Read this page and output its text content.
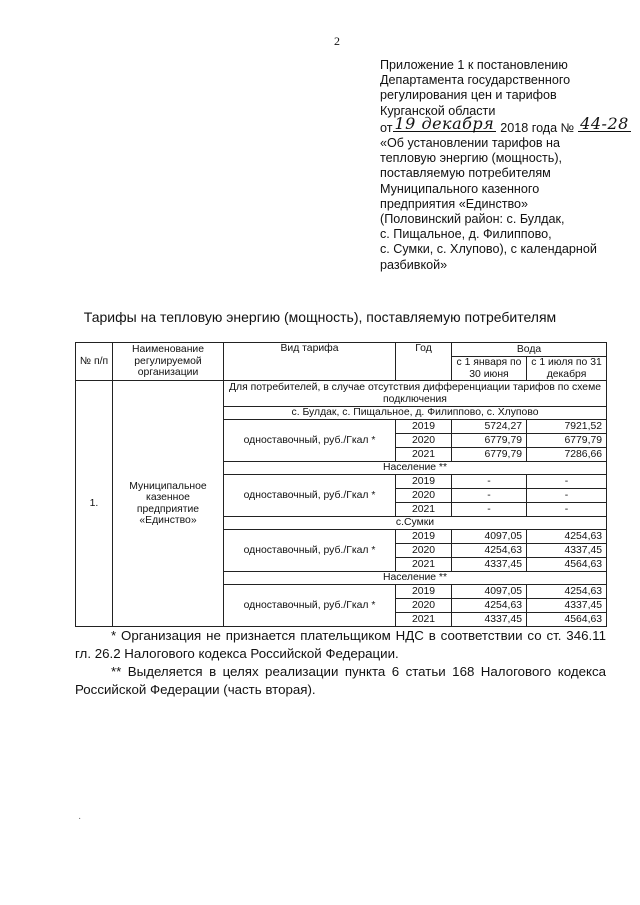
2
Приложение 1 к постановлению
Департамента государственного
регулирования цен и тарифов
Курганской области
от 19 декабря 2018 года № 44-28
«Об установлении тарифов на
тепловую энергию (мощность),
поставляемую потребителям
Муниципального казенного
предприятия «Единство»
(Половинский район: с. Булдак,
с. Пищальное, д. Филиппово,
с. Сумки, с. Хлупово), с календарной
разбивкой»
Тарифы на тепловую энергию (мощность), поставляемую потребителям
№ п/п	Наименование регулируемой организации	Вид тарифа	Год	Вода	
				с 1 января по 30 июня	с 1 июля по 31 декабря
1.	Муниципальное казенное предприятие «Единство»	Для потребителей, в случае отсутствия дифференциации тарифов по схеме подключения			
		с. Булдак, с. Пищальное, д. Филиппово, с. Хлупово			
		одноставочный, руб./Гкал *	2019	5724,27	7921,52
			2020	6779,79	6779,79
			2021	6779,79	7286,66
		Население **			
		одноставочный, руб./Гкал *	2019	-	-
			2020	-	-
			2021	-	-
		с.Сумки			
		одноставочный, руб./Гкал *	2019	4097,05	4254,63
			2020	4254,63	4337,45
			2021	4337,45	4564,63
		Население **			
		одноставочный, руб./Гкал *	2019	4097,05	4254,63
			2020	4254,63	4337,45
			2021	4337,45	4564,63

* Организация не признается плательщиком НДС в соответствии со ст. 346.11 гл. 26.2 Налогового кодекса Российской Федерации.

** Выделяется в целях реализации пункта 6 статьи 168 Налогового кодекса Российской Федерации (часть вторая).

·
